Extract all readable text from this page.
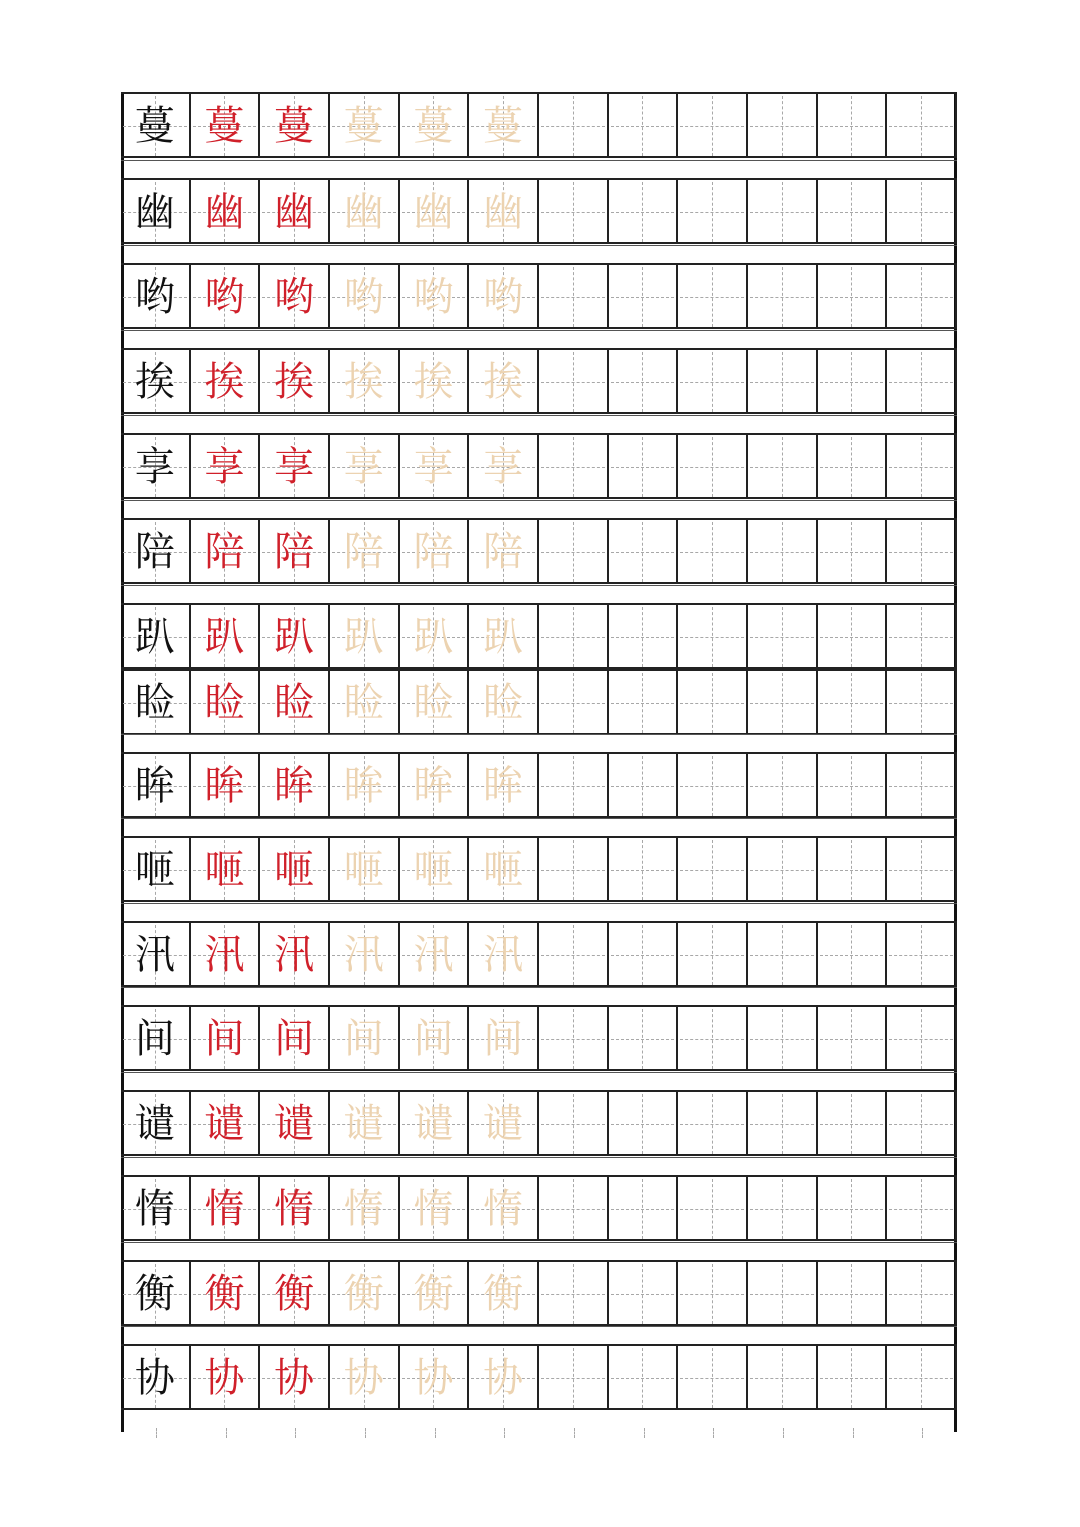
蔓 蔓 蔓 蔓 蔓 蔓
幽 幽 幽 幽 幽 幽
哟 哟 哟 哟 哟 哟
挨 挨 挨 挨 挨 挨
享 享 享 享 享 享
陪 陪 陪 陪 陪 陪
趴 趴 趴 趴 趴 趴
睑 睑 睑 睑 睑 睑
眸 眸 眸 眸 眸 眸
咂 咂 咂 咂 咂 咂
汛 汛 汛 汛 汛 汛
间 间 间 间 间 间
谴 谴 谴 谴 谴 谴
惰 惰 惰 惰 惰 惰
衡 衡 衡 衡 衡 衡
协 协 协 协 协 协
